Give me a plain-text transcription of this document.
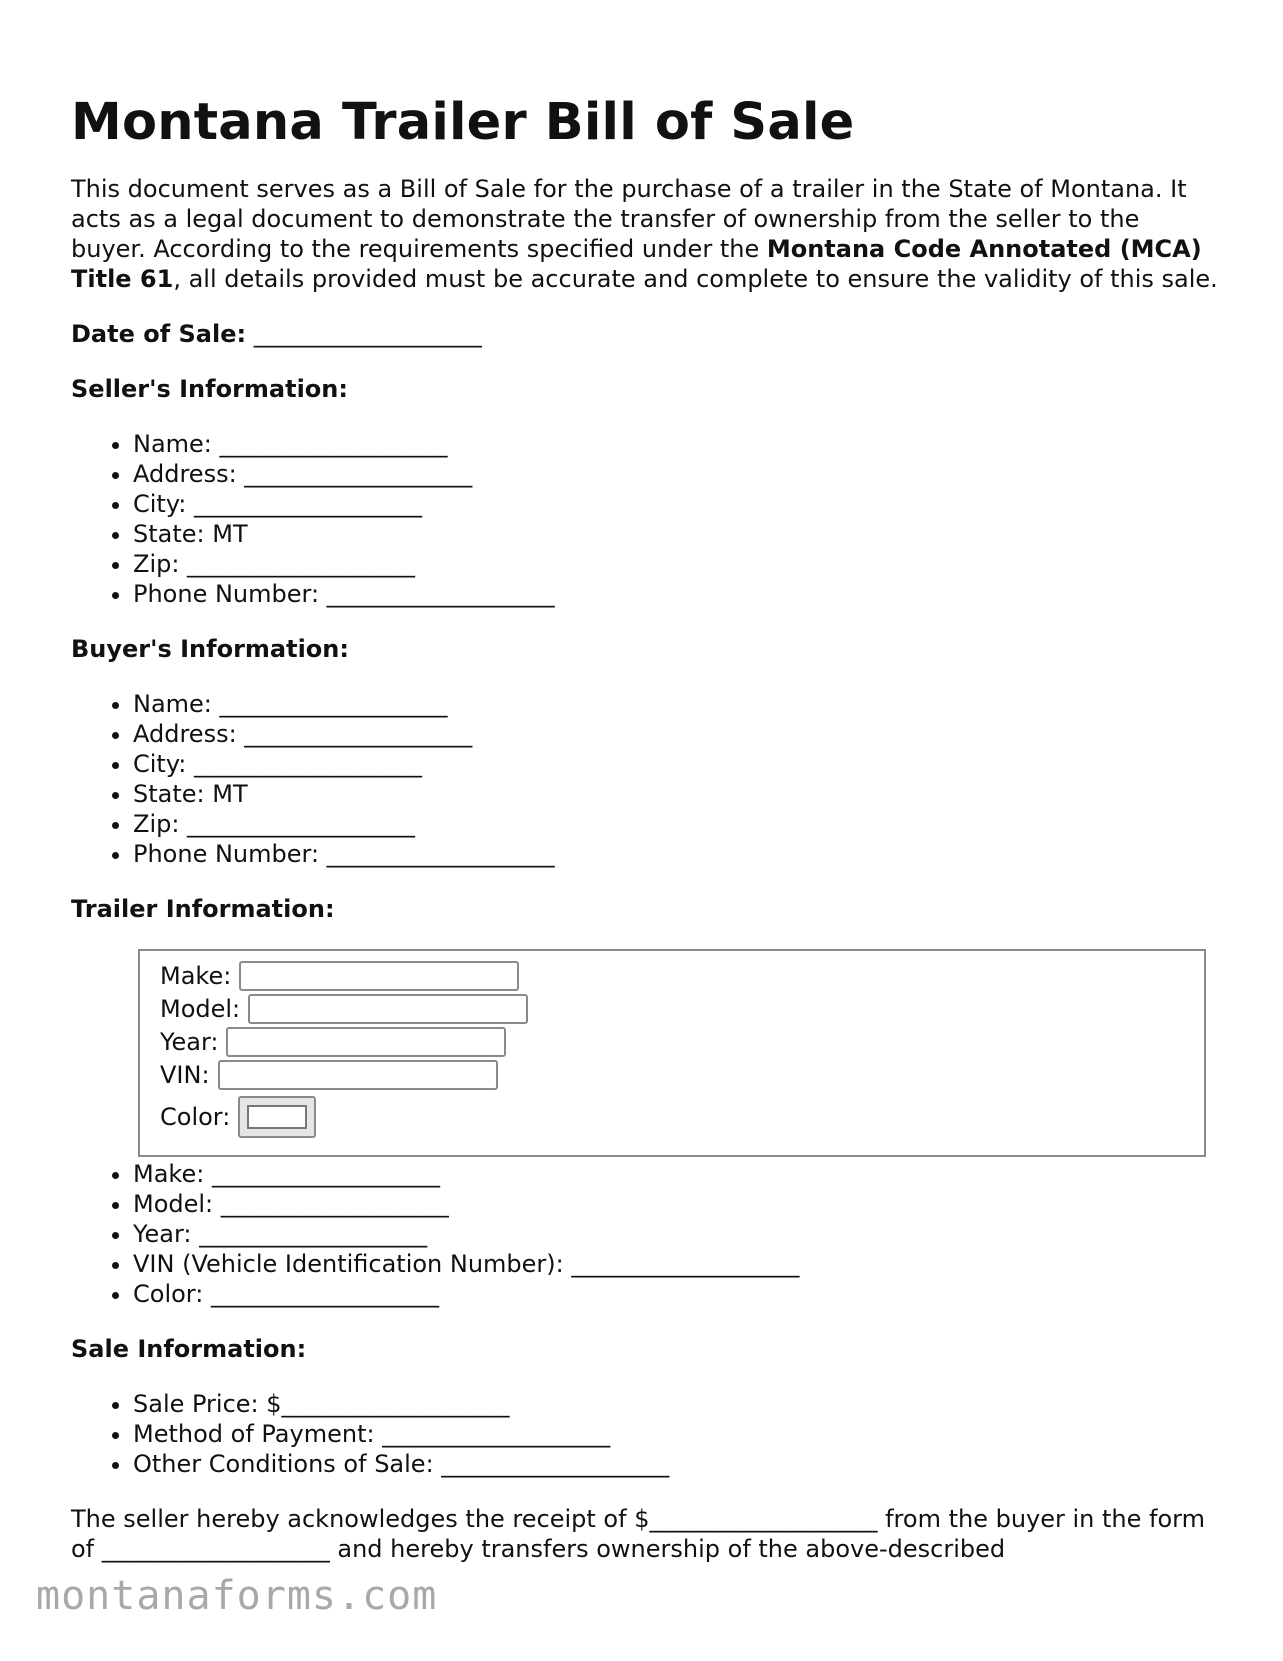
Montana Trailer Bill of Sale

This document serves as a Bill of Sale for the purchase of a trailer in the State of Montana. It acts as a legal document to demonstrate the transfer of ownership from the seller to the buyer. According to the requirements specified under the Montana Code Annotated (MCA) Title 61, all details provided must be accurate and complete to ensure the validity of this sale.

Date of Sale: ___________________
Seller's Information:
• Name: ___________________
• Address: ___________________
• City: ___________________
• State: MT
• Zip: ___________________
• Phone Number: ___________________
Buyer's Information:
• Name: ___________________
• Address: ___________________
• City: ___________________
• State: MT
• Zip: ___________________
• Phone Number: ___________________
Trailer Information:
Make:
Model:
Year:
VIN:
Color:
• Make: ___________________
• Model: ___________________
• Year: ___________________
• VIN (Vehicle Identification Number): ___________________
• Color: ___________________
Sale Information:
• Sale Price: $___________________
• Method of Payment: ___________________
• Other Conditions of Sale: ___________________

The seller hereby acknowledges the receipt of $___________________ from the buyer in the form of ___________________ and hereby transfers ownership of the above-described

montanaforms.com
